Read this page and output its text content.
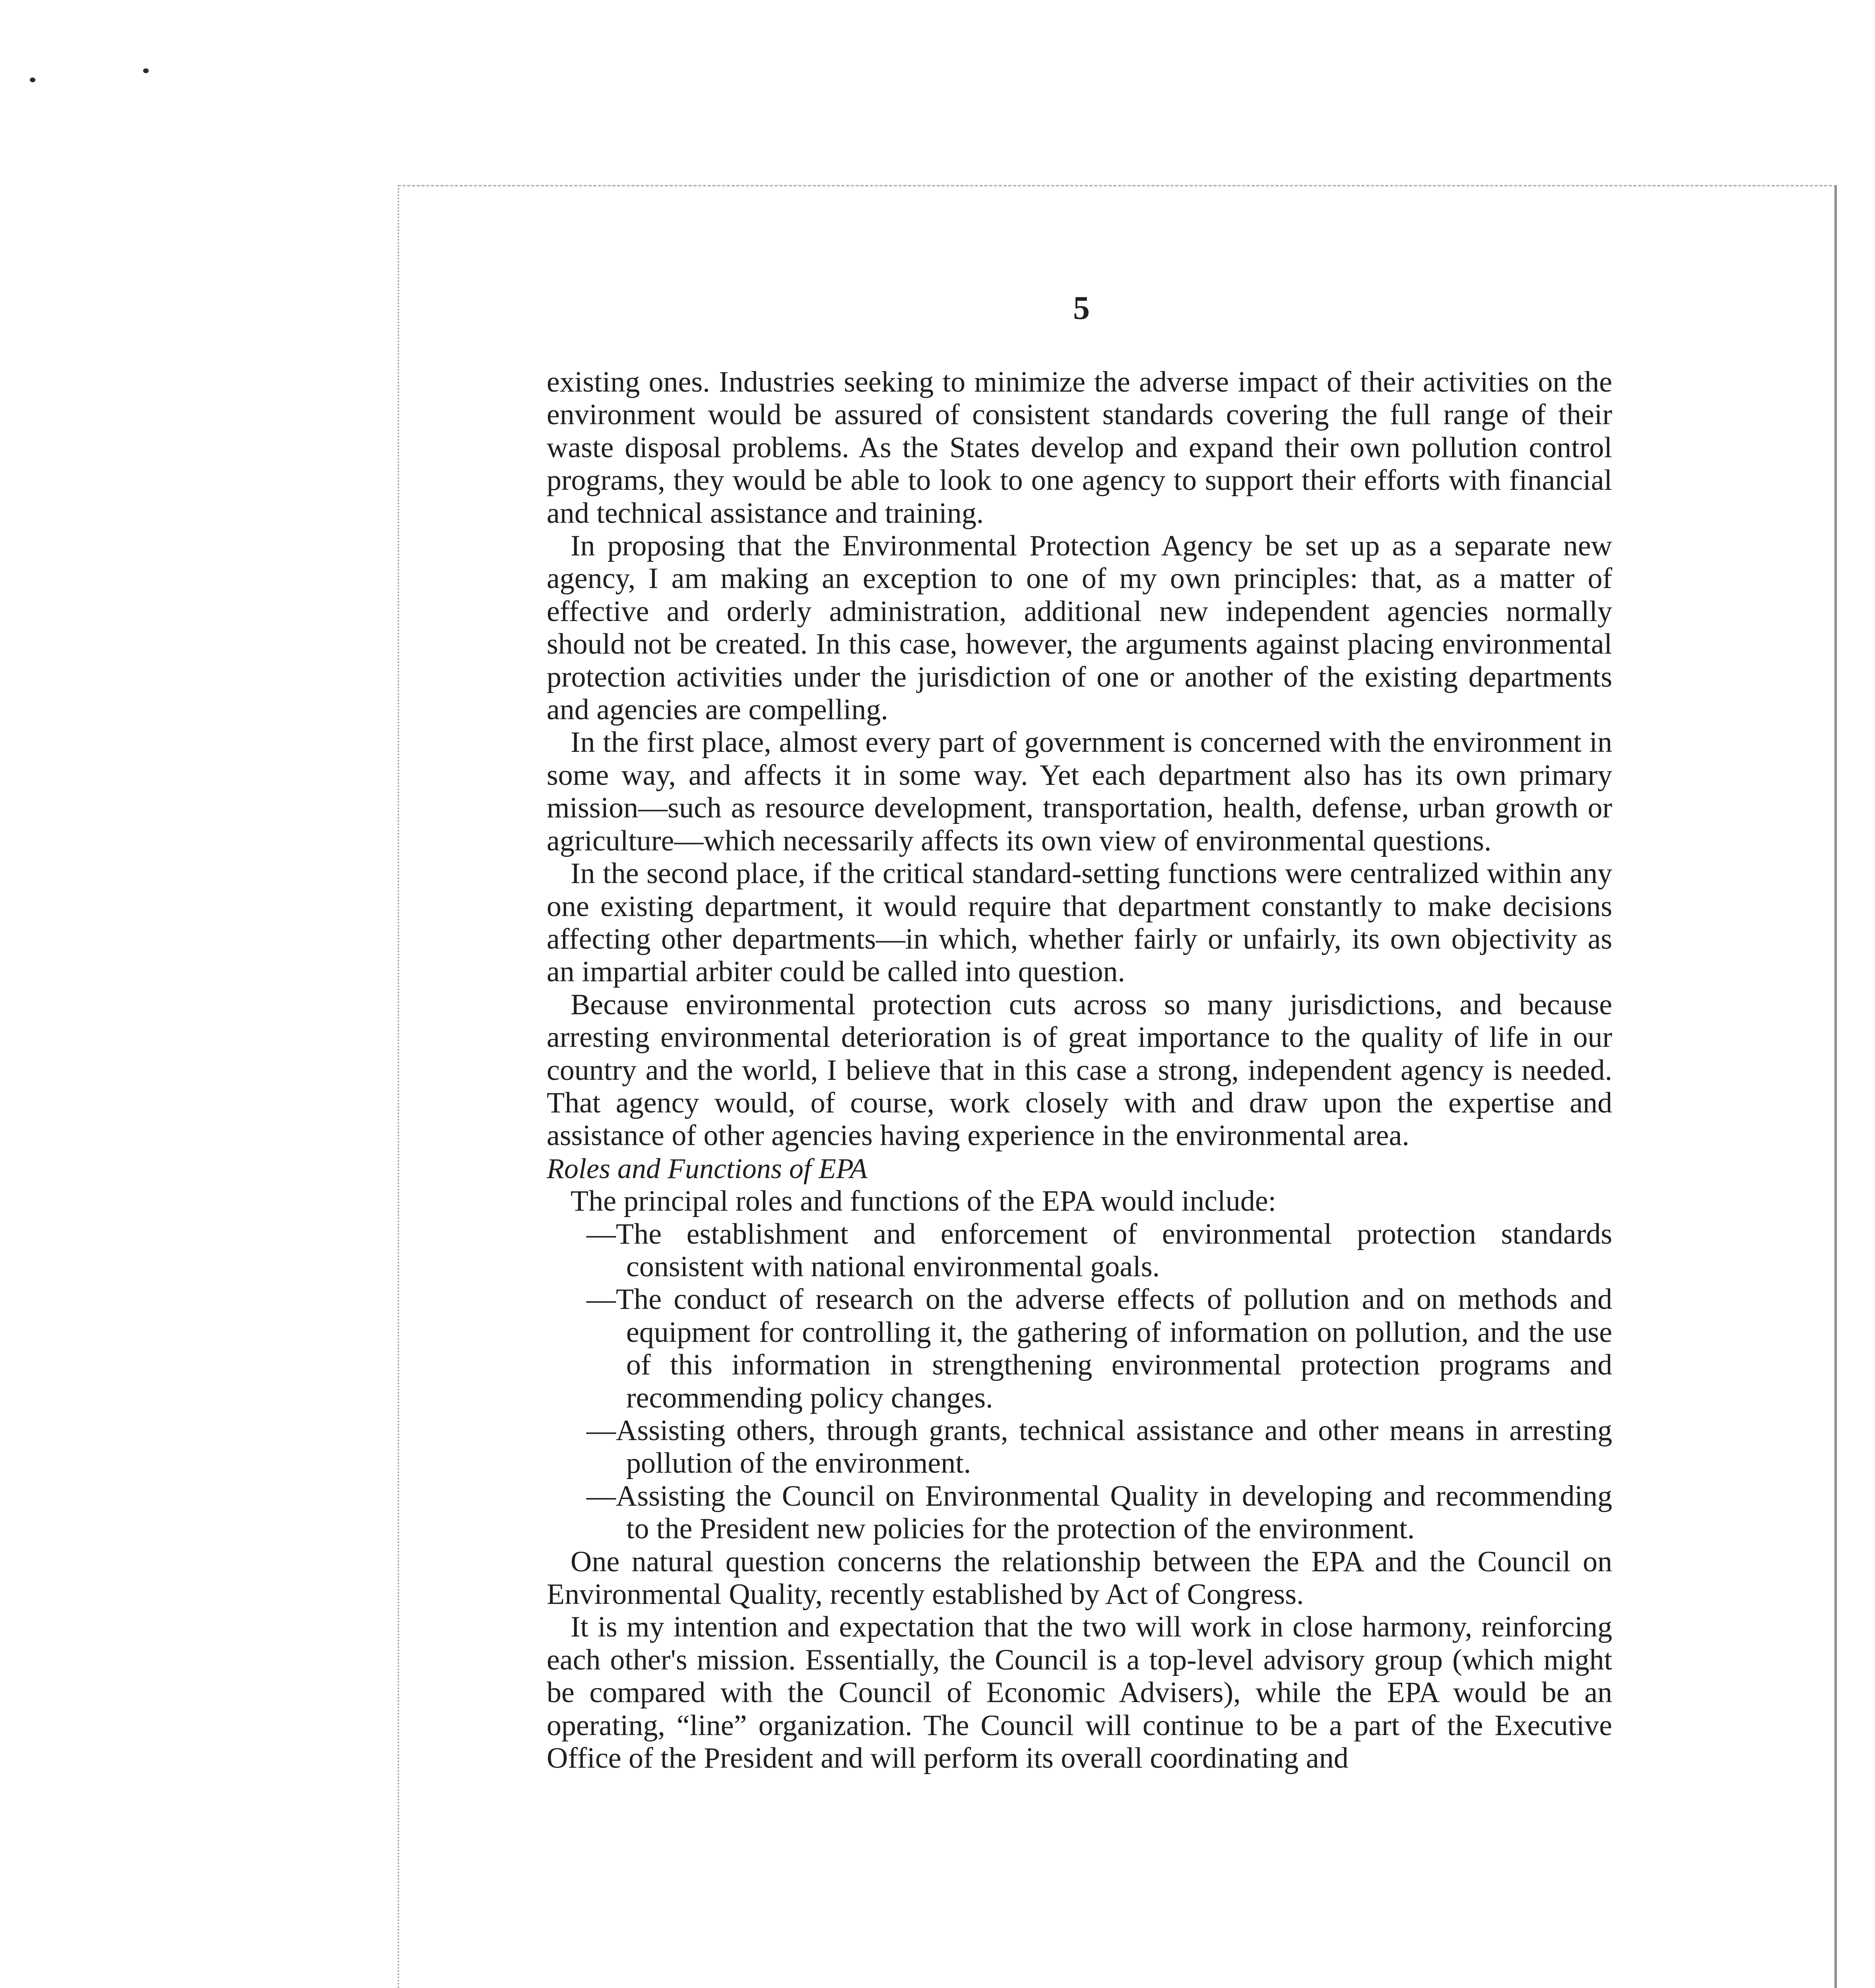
5

existing ones. Industries seeking to minimize the adverse impact of their activities on the environment would be assured of consistent standards covering the full range of their waste disposal problems. As the States develop and expand their own pollution control programs, they would be able to look to one agency to support their efforts with financial and technical assistance and training.

In proposing that the Environmental Protection Agency be set up as a separate new agency, I am making an exception to one of my own principles: that, as a matter of effective and orderly administration, additional new independent agencies normally should not be created. In this case, however, the arguments against placing environmental protection activities under the jurisdiction of one or another of the existing departments and agencies are compelling.

In the first place, almost every part of government is concerned with the environment in some way, and affects it in some way. Yet each department also has its own primary mission—such as resource development, transportation, health, defense, urban growth or agriculture—which necessarily affects its own view of environmental questions.

In the second place, if the critical standard-setting functions were centralized within any one existing department, it would require that department constantly to make decisions affecting other departments—in which, whether fairly or unfairly, its own objectivity as an impartial arbiter could be called into question.

Because environmental protection cuts across so many jurisdictions, and because arresting environmental deterioration is of great importance to the quality of life in our country and the world, I believe that in this case a strong, independent agency is needed. That agency would, of course, work closely with and draw upon the expertise and assistance of other agencies having experience in the environmental area.

Roles and Functions of EPA

The principal roles and functions of the EPA would include:

—The establishment and enforcement of environmental protection standards consistent with national environmental goals.

—The conduct of research on the adverse effects of pollution and on methods and equipment for controlling it, the gathering of information on pollution, and the use of this information in strengthening environmental protection programs and recommending policy changes.

—Assisting others, through grants, technical assistance and other means in arresting pollution of the environment.

—Assisting the Council on Environmental Quality in developing and recommending to the President new policies for the protection of the environment.

One natural question concerns the relationship between the EPA and the Council on Environmental Quality, recently established by Act of Congress.

It is my intention and expectation that the two will work in close harmony, reinforcing each other's mission. Essentially, the Council is a top-level advisory group (which might be compared with the Council of Economic Advisers), while the EPA would be an operating, “line” organization. The Council will continue to be a part of the Executive Office of the President and will perform its overall coordinating and
